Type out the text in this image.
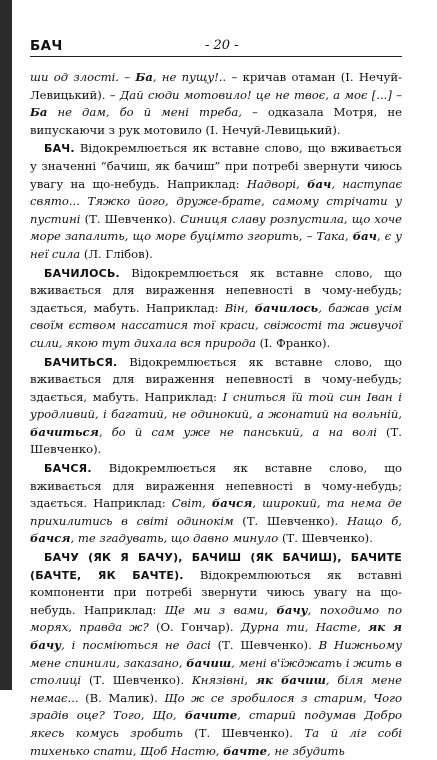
БАЧ	- 20 -

ши од злості. – Ба, не пущу!.. – кричав отаман (І. Нечуй-Левицький). – Дай сюди мотовило! це не твоє, а моє [...] – Ба не дам, бо й мені треба, – одказала Мотря, не випускаючи з рук мотовило (І. Нечуй-Левицький).

БАЧ. Відокремлюється як вставне слово, що вживається у значенні “бачиш, як бачиш” при потребі звернути чиюсь увагу на що-небудь. Наприклад: Надворі, бач, наступає свято... Тяжко його, друже-брате, самому стрічати у пустині (Т. Шевченко). Синиця славу розпустила, що хоче море запалить, що море буцімто згорить, – Така, бач, є у неї сила (Л. Глібов).

БАЧИЛОСЬ. Відокремлюється як вставне слово, що вживається для вираження непевності в чому-небудь; здається, мабуть. Наприклад: Він, бачилось, бажав усім своїм єством нассатися тої краси, свіжості та живучої сили, якою тут дихала вся природа (І. Франко).

БАЧИТЬСЯ. Відокремлюється як вставне слово, що вживається для вираження непевності в чому-небудь; здається, мабуть. Наприклад: І сниться їй той син Іван і уродливий, і багатий, не одинокий, а жонатий на вольній, бачиться, бо й сам уже не панський, а на волі (Т. Шевченко).

БАЧСЯ. Відокремлюється як вставне слово, що вживається для вираження непевності в чому-небудь; здається. Наприклад: Світ, бачся, широкий, та нема де прихилитись в світі одинокім (Т. Шевченко). Нащо б, бачся, те згадувать, що давно минуло (Т. Шевченко).

БАЧУ (ЯК Я БАЧУ), БАЧИШ (ЯК БАЧИШ), БАЧИТЕ (БАЧТЕ, ЯК БАЧТЕ). Відокремлюються як вставні компоненти при потребі звернути чиюсь увагу на що-небудь. Наприклад: Ще ми з вами, бачу, походимо по морях, правда ж? (О. Гончар). Дурна ти, Насте, як я бачу, і посміються не дасі (Т. Шевченко). В Нижньому мене спинили, заказано, бачиш, мені в'їжджать і жить в столиці (Т. Шевченко). Князівні, як бачиш, біля мене немає... (В. Малик). Що ж се зробилося з старим, Чого зрадів оце? Того, Що, бачите, старий подумав Добро якесь комусь зробить (Т. Шевченко). Та й ліг собі тихенько спати, Щоб Настю, бачте, не збудить
